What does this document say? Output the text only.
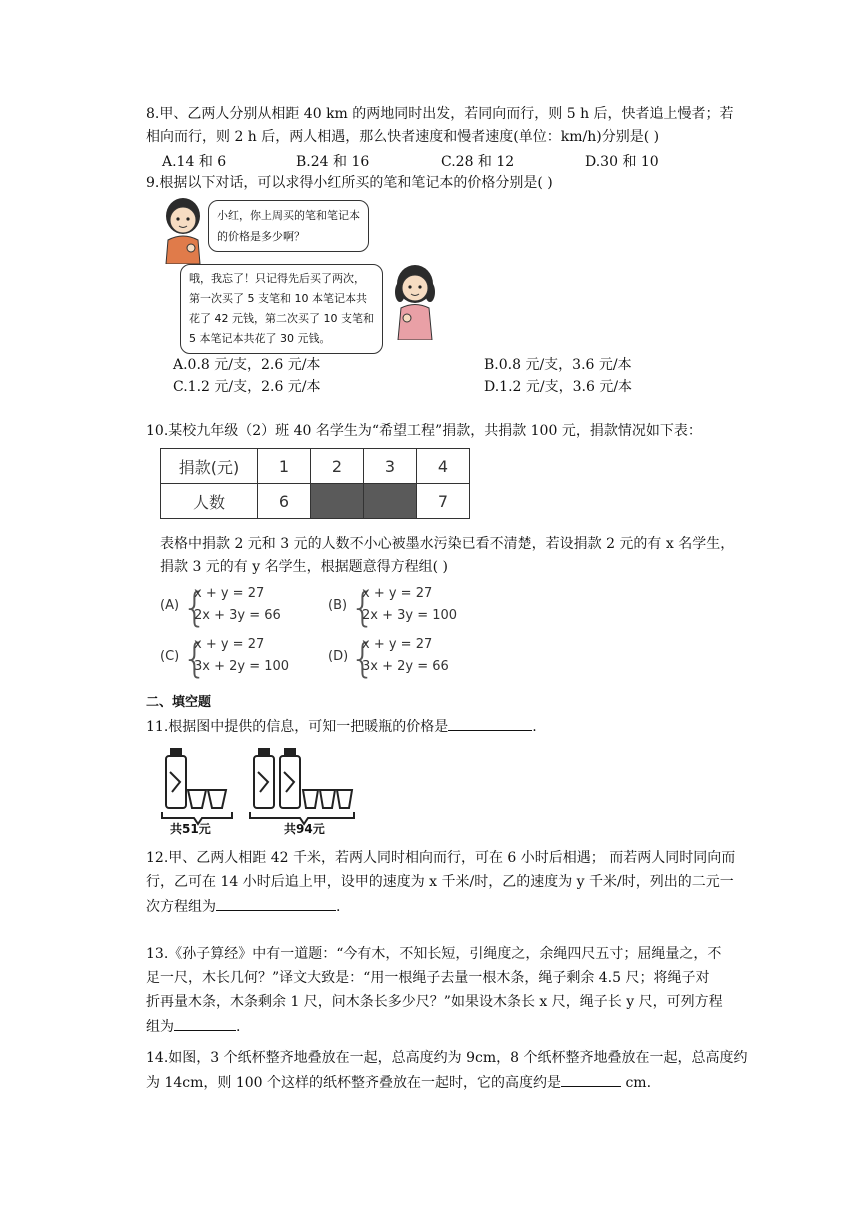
8.甲、乙两人分别从相距 40 km 的两地同时出发，若同向而行，则 5 h 后，快者追上慢者；若
相向而行，则 2 h 后，两人相遇，那么快者速度和慢者速度(单位：km/h)分别是( )
A.14 和 6	B.24 和 16	C.28 和 12	D.30 和 10
9.根据以下对话，可以求得小红所买的笔和笔记本的价格分别是( )
小红，你上周买的笔和笔记本
的价格是多少啊？
哦，我忘了！只记得先后买了两次，
第一次买了 5 支笔和 10 本笔记本共
花了 42 元钱，第二次买了 10 支笔和
5 本笔记本共花了 30 元钱。
A.0.8 元/支，2.6 元/本	B.0.8 元/支，3.6 元/本
C.1.2 元/支，2.6 元/本	D.1.2 元/支，3.6 元/本
10.某校九年级（2）班 40 名学生为“希望工程”捐款，共捐款 100 元，捐款情况如下表：
捐款(元)	1	2	3	4
人数	6			7
表格中捐款 2 元和 3 元的人数不小心被墨水污染已看不清楚，若设捐款 2 元的有 x 名学生，
捐款 3 元的有 y 名学生，根据题意得方程组( )
(A) {
x + y = 27
2x + 3y = 66
(B) {
x + y = 27
2x + 3y = 100
(C) {
x + y = 27
3x + 2y = 100
(D) {
x + y = 27
3x + 2y = 66
二、填空题
11.根据图中提供的信息，可知一把暖瓶的价格是	.
共51元	共94元
12.甲、乙两人相距 42 千米，若两人同时相向而行，可在 6 小时后相遇； 而若两人同时同向而
行，乙可在 14 小时后追上甲，设甲的速度为 x 千米/时，乙的速度为 y 千米/时，列出的二元一
次方程组为	.
13.《孙子算经》中有一道题：“今有木，不知长短，引绳度之，余绳四尺五寸；屈绳量之，不
足一尺，木长几何？”译文大致是：“用一根绳子去量一根木条，绳子剩余 4.5 尺；将绳子对
折再量木条，木条剩余 1 尺，问木条长多少尺？”如果设木条长 x 尺，绳子长 y 尺，可列方程
组为	.
14.如图，3 个纸杯整齐地叠放在一起，总高度约为 9cm，8 个纸杯整齐地叠放在一起，总高度约
为 14cm，则 100 个这样的纸杯整齐叠放在一起时，它的高度约是	cm.
